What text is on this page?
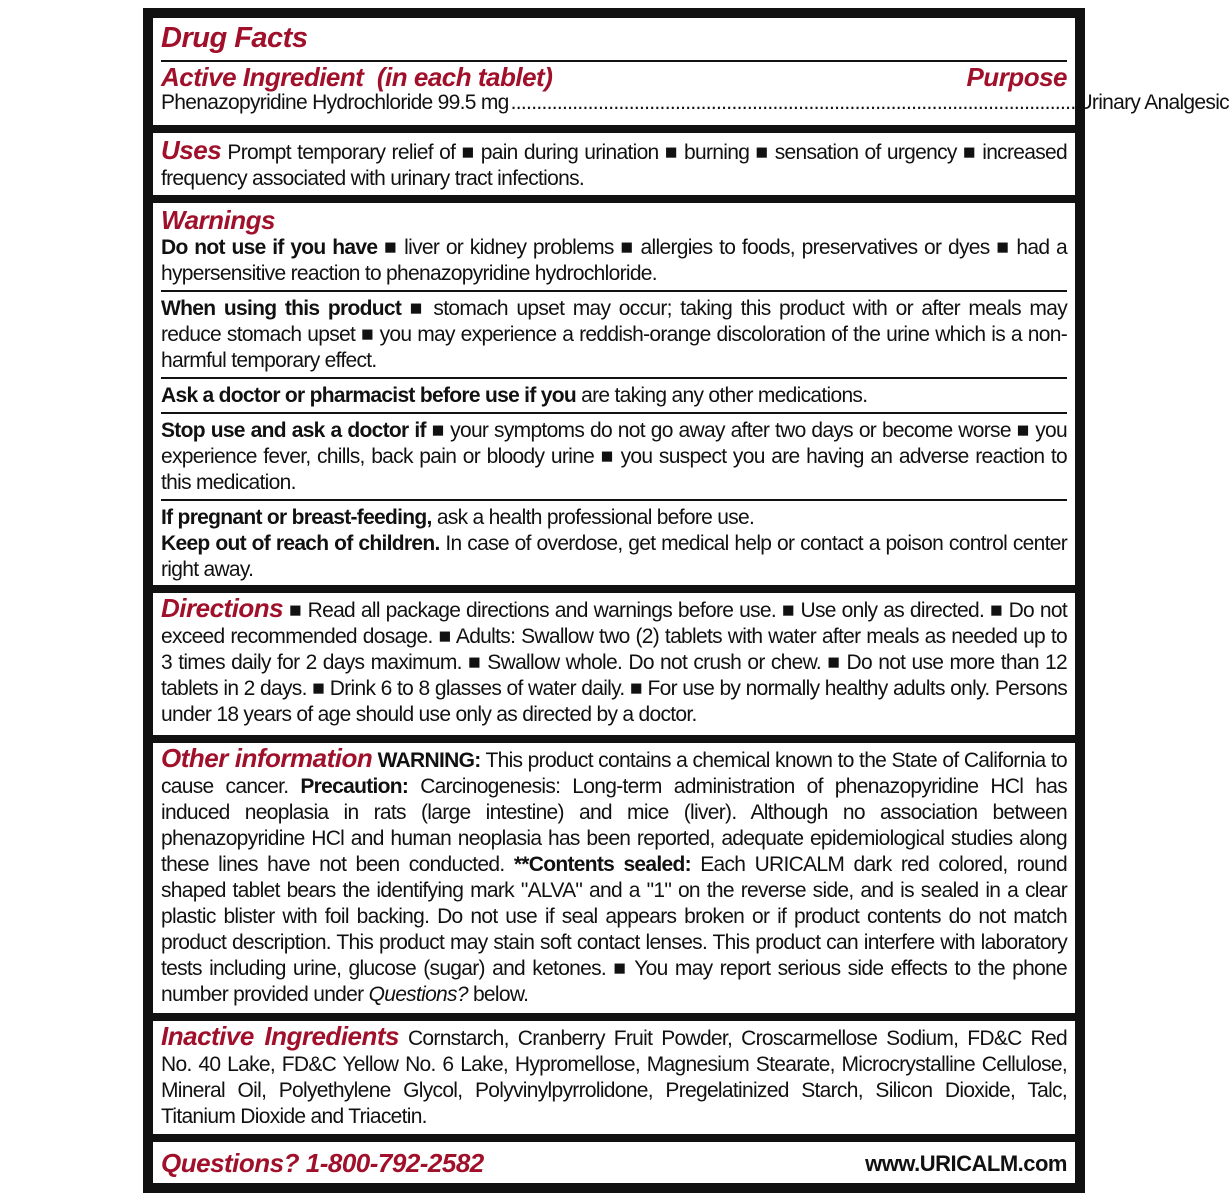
Drug Facts
Active Ingredient  (in each tablet)	Purpose
Phenazopyridine Hydrochloride 99.5 mg .............................................................................................................. Urinary Analgesic
Uses Prompt temporary relief of ■ pain during urination ■ burning ■ sensation of urgency ■ increased frequency associated with urinary tract infections.
Warnings
Do not use if you have ■ liver or kidney problems ■ allergies to foods, preservatives or dyes ■ had a hypersensitive reaction to phenazopyridine hydrochloride.
When using this product ■ stomach upset may occur; taking this product with or after meals may reduce stomach upset ■ you may experience a reddish-orange discoloration of the urine which is a non-harmful temporary effect.
Ask a doctor or pharmacist before use if you are taking any other medications.
Stop use and ask a doctor if ■ your symptoms do not go away after two days or become worse ■ you experience fever, chills, back pain or bloody urine ■ you suspect you are having an adverse reaction to this medication.
If pregnant or breast-feeding, ask a health professional before use.
Keep out of reach of children. In case of overdose, get medical help or contact a poison control center right away.
Directions ■ Read all package directions and warnings before use. ■ Use only as directed. ■ Do not exceed recommended dosage. ■ Adults: Swallow two (2) tablets with water after meals as needed up to 3 times daily for 2 days maximum. ■ Swallow whole. Do not crush or chew. ■ Do not use more than 12 tablets in 2 days. ■ Drink 6 to 8 glasses of water daily. ■ For use by normally healthy adults only. Persons under 18 years of age should use only as directed by a doctor.
Other information WARNING: This product contains a chemical known to the State of California to cause cancer. Precaution: Carcinogenesis: Long-term administration of phenazopyridine HCl has induced neoplasia in rats (large intestine) and mice (liver). Although no association between phenazopyridine HCl and human neoplasia has been reported, adequate epidemiological studies along these lines have not been conducted. **Contents sealed: Each URICALM dark red colored, round shaped tablet bears the identifying mark "ALVA" and a "1" on the reverse side, and is sealed in a clear plastic blister with foil backing. Do not use if seal appears broken or if product contents do not match product description. This product may stain soft contact lenses. This product can interfere with laboratory tests including urine, glucose (sugar) and ketones. ■ You may report serious side effects to the phone number provided under Questions? below.
Inactive Ingredients Cornstarch, Cranberry Fruit Powder, Croscarmellose Sodium, FD&C Red No. 40 Lake, FD&C Yellow No. 6 Lake, Hypromellose, Magnesium Stearate, Microcrystalline Cellulose, Mineral Oil, Polyethylene Glycol, Polyvinylpyrrolidone, Pregelatinized Starch, Silicon Dioxide, Talc, Titanium Dioxide and Triacetin.
Questions? 1-800-792-2582	www.URICALM.com
